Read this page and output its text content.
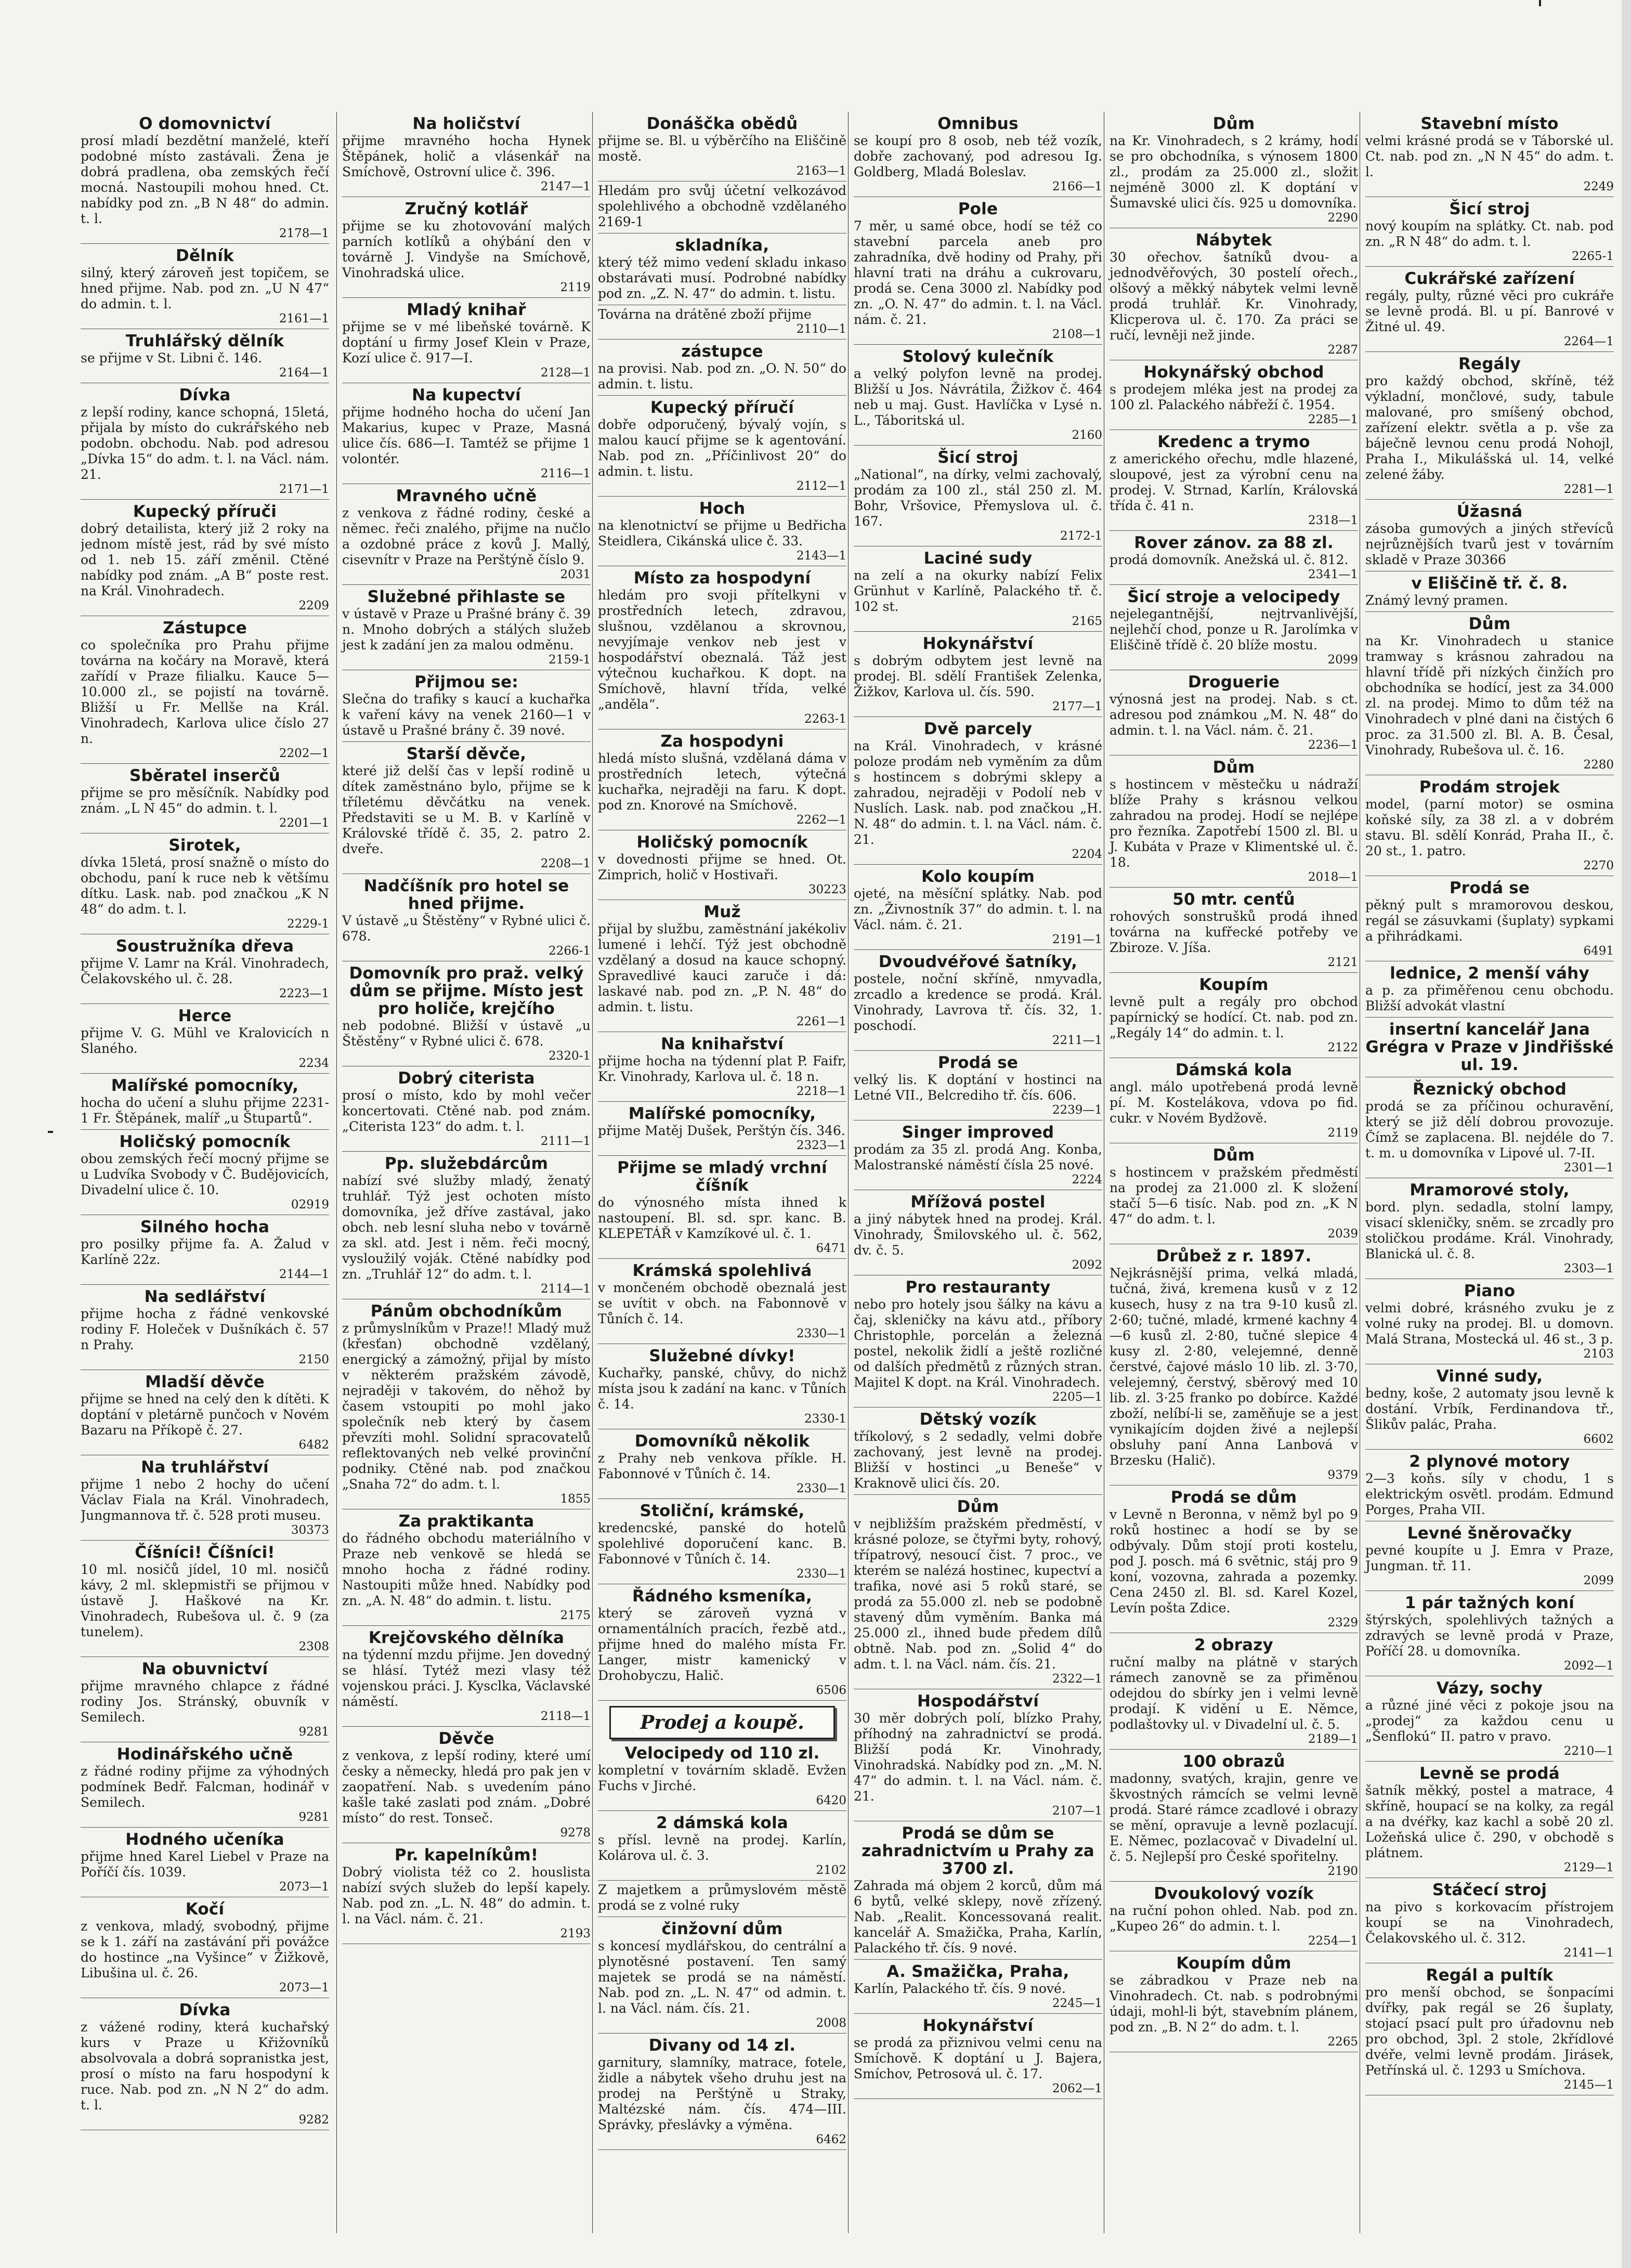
O domovnictví

prosí mladí bezdětní manželé, kteří podobné místo zastávali. Žena je dobrá pradlena, oba zemských řečí mocná. Nastoupili mohou hned. Ct. nabídky pod zn. „B N 48“ do admin. t. l.

2178—1
Dělník

silný, který zároveň jest topičem, se hned přijme. Nab. pod zn. „U N 47“ do admin. t. l.

2161—1
Truhlářský dělník

se přijme v St. Libni č. 146.

2164—1
Dívka

z lepší rodiny, kance schopná, 15letá, přijala by místo do cukrářského neb podobn. obchodu. Nab. pod adresou „Dívka 15“ do adm. t. l. na Václ. nám. 21.

2171—1
Kupecký příruči

dobrý detailista, který již 2 roky na jednom místě jest, rád by své místo od 1. neb 15. září změnil. Ctěné nabídky pod znám. „A B“ poste rest. na Král. Vinohradech.

2209
Zástupce

co společníka pro Prahu přijme továrna na kočáry na Moravě, která zařídí v Praze filialku. Kauce 5—10.000 zl., se pojistí na továrně. Bližší u Fr. Mellše na Král. Vinohradech, Karlova ulice číslo 27 n.

2202—1
Sběratel inserčů

přijme se pro měsíčník. Nabídky pod znám. „L N 45“ do admin. t. l.

2201—1
Sirotek,

dívka 15letá, prosí snažně o místo do obchodu, paní k ruce neb k většímu dítku. Lask. nab. pod značkou „K N 48“ do adm. t. l.

2229-1
Soustružníka dřeva

přijme V. Lamr na Král. Vinohradech, Čelakovského ul. č. 28.

2223—1
Herce

přijme V. G. Mühl ve Kralovicích n Slaného.

2234
Malířské pomocníky,

hocha do učení a sluhu přijme 2231-1 Fr. Štěpánek, malíř „u Štupartů“.

Holičský pomocník

obou zemských řečí mocný přijme se u Ludvíka Svobody v Č. Budějovicích, Divadelní ulice č. 10.

02919
Silného hocha

pro posilky přijme fa. A. Žalud v Karlíně 22z.

2144—1
Na sedlářství

přijme hocha z řádné venkovské rodiny F. Holeček v Dušníkách č. 57 n Prahy.

2150
Mladší děvče

přijme se hned na celý den k dítěti. K doptání v pletárně punčoch v Novém Bazaru na Příkopě č. 27.

6482
Na truhlářství

přijme 1 nebo 2 hochy do učení Václav Fiala na Král. Vinohradech, Jungmannova tř. č. 528 proti museu.

30373
Číšníci! Číšníci!

10 ml. nosičů jídel, 10 ml. nosičů kávy, 2 ml. sklepmistři se přijmou v ústavě J. Haškové na Kr. Vinohradech, Rubešova ul. č. 9 (za tunelem).

2308
Na obuvnictví

přijme mravného chlapce z řádné rodiny Jos. Stránský, obuvník v Semilech.

9281
Hodinářského učně

z řádné rodiny přijme za výhodných podmínek Bedř. Falcman, hodinář v Semilech.

9281
Hodného učeníka

přijme hned Karel Liebel v Praze na Poříčí čís. 1039.

2073—1
Kočí

z venkova, mladý, svobodný, přijme se k 1. září na zastávání při povážce do hostince „na Vyšince“ v Žižkově, Libušina ul. č. 26.

2073—1
Dívka

z vážené rodiny, která kuchařský kurs v Praze u Křižovníků absolvovala a dobrá sopranistka jest, prosí o místo na faru hospodyní k ruce. Nab. pod zn. „N N 2“ do adm. t. l.

9282
Na holičství

přijme mravného hocha Hynek Štěpánek, holič a vlásenkář na Smíchově, Ostrovní ulice č. 396.

2147—1
Zručný kotlář

přijme se ku zhotovování malých parních kotlíků a ohýbání den v továrně J. Vindyše na Smíchově, Vinohradská ulice.

2119
Mladý knihař

přijme se v mé libeňské továrně. K doptání u firmy Josef Klein v Praze, Kozí ulice č. 917—I.

2128—1
Na kupectví

přijme hodného hocha do učení Jan Makarius, kupec v Praze, Masná ulice čís. 686—I. Tamtéž se přijme 1 volontér.

2116—1
Mravného učně

z venkova z řádné rodiny, české a němec. řeči znalého, přijme na nučlo a ozdobné práce z kovů J. Mallý, cisevnítr v Praze na Perštýně číslo 9.

2031
Služebné přihlaste se

v ústavě v Praze u Prašné brány č. 39 n. Mnoho dobrých a stálých služeb jest k zadání jen za malou odměnu.

2159-1
Přijmou se:

Slečna do trafiky s kaucí a kuchařka k vaření kávy na venek 2160—1 v ústavě u Prašné brány č. 39 nové.

Starší děvče,

které již delší čas v lepší rodině u dítek zaměstnáno bylo, přijme se k tříletému děvčátku na venek. Představiti se u M. B. v Karlíně v Královské třídě č. 35, 2. patro 2. dveře.

2208—1
Nadčíšník pro hotel se hned přijme.

V ústavě „u Štěstěny“ v Rybné ulici č. 678.

2266-1
Domovník pro praž. velký dům se přijme. Místo jest pro holiče, krejčího

neb podobné. Bližší v ústavě „u Štěstěny“ v Rybné ulici č. 678.

2320-1
Dobrý citerista

prosí o místo, kdo by mohl večer koncertovati. Ctěné nab. pod znám. „Citerista 123“ do adm. t. l.

2111—1
Pp. služebdárcům

nabízí své služby mladý, ženatý truhlář. Týž jest ochoten místo domovníka, jež dříve zastával, jako obch. neb lesní sluha nebo v továrně za skl. atd. Jest i něm. řeči mocný, vysloužilý voják. Ctěné nabídky pod zn. „Truhlář 12“ do adm. t. l.

2114—1
Pánům obchodníkům

z průmyslníkům v Praze!! Mladý muž (křesťan) obchodně vzdělaný, energický a zámožný, přijal by místo v některém pražském závodě, nejraději v takovém, do něhož by časem vstoupiti po mohl jako společník neb který by časem převzíti mohl. Solidní spracovatelů reflektovaných neb velké provinční podniky. Ctěné nab. pod značkou „Snaha 72“ do adm. t. l.

1855
Za praktikanta

do řádného obchodu materiálního v Praze neb venkově se hledá se mnoho hocha z řádné rodiny. Nastoupiti může hned. Nabídky pod zn. „A. N. 48“ do admin. t. listu.

2175
Krejčovského dělníka

na týdenní mzdu přijme. Jen dovedný se hlásí. Tytéž mezi vlasy též vojenskou práci. J. Kysclka, Václavské náměstí.

2118—1
Děvče

z venkova, z lepší rodiny, které umí česky a německy, hledá pro pak jen v zaopatření. Nab. s uvedením páno kašle také zaslati pod znám. „Dobré místo“ do rest. Tonseč.

9278
Pr. kapelníkům!

Dobrý violista též co 2. houslista nabízí svých služeb do lepší kapely. Nab. pod zn. „L. N. 48“ do admin. t. l. na Václ. nám. č. 21.

2193
Donáščka obědů

přijme se. Bl. u výběrčího na Eliščině mostě.

2163—1

Hledám pro svůj účetní velkozávod spolehlivého a obchodně vzdělaného 2169-1

skladníka,

který též mimo vedení skladu inkaso obstarávati musí. Podrobné nabídky pod zn. „Z. N. 47“ do admin. t. listu.

Továrna na drátěné zboží přijme

2110—1
zástupce

na provisi. Nab. pod zn. „O. N. 50“ do admin. t. listu.

Kupecký příručí

dobře odporučený, bývalý vojín, s malou kaucí přijme se k agentování. Nab. pod zn. „Příčinlivost 20“ do admin. t. listu.

2112—1
Hoch

na klenotnictví se přijme u Bedřicha Steidlera, Cikánská ulice č. 33.

2143—1
Místo za hospodyní

hledám pro svoji přítelkyni v prostředních letech, zdravou, slušnou, vzdělanou a skrovnou, nevyjímaje venkov neb jest v hospodářství obeznalá. Táž jest výtečnou kuchařkou. K dopt. na Smíchově, hlavní třída, velké „anděla“.

2263-1
Za hospodyni

hledá místo slušná, vzdělaná dáma v prostředních letech, výtečná kuchařka, nejraději na faru. K dopt. pod zn. Knorové na Smíchově.

2262—1
Holičský pomocník

v dovednosti přijme se hned. Ot. Zimprich, holič v Hostivaři.

30223
Muž

přijal by službu, zaměstnání jakékoliv lumené i lehčí. Týž jest obchodně vzdělaný a dosud na kauce schopný. Spravedlivé kauci zaruče i dá: laskavé nab. pod zn. „P. N. 48“ do admin. t. listu.

2261—1
Na knihařství

přijme hocha na týdenní plat P. Faifr, Kr. Vinohrady, Karlova ul. č. 18 n.

2218—1
Malířské pomocníky,

přijme Matěj Dušek, Perštýn čís. 346.

2323—1
Přijme se mladý vrchní číšník

do výnosného místa ihned k nastoupení. Bl. sd. spr. kanc. B. KLEPETÁŘ v Kamzíkové ul. č. 1.

6471
Krámská spolehlivá

v mončeném obchodě obeznalá jest se uvítit v obch. na Fabonnově v Tůních č. 14.

2330—1
Služebné dívky!

Kuchařky, panské, chůvy, do nichž místa jsou k zadání na kanc. v Tůních č. 14.

2330-1
Domovníků několik

z Prahy neb venkova příkle. H. Fabonnové v Tůních č. 14.

2330—1
Stoliční, krámské,

kredencské, panské do hotelů spolehlivé doporučení kanc. B. Fabonnové v Tůních č. 14.

2330—1
Řádného ksmeníka,

který se zároveň vyzná v ornamentálních pracích, řezbě atd., přijme hned do malého místa Fr. Langer, mistr kamenický v Drohobyczu, Halič.

6506
Prodej a koupě.
Velocipedy od 110 zl.

kompletní v továrním skladě. Evžen Fuchs v Jirché.

6420
2 dámská kola

s přísl. levně na prodej. Karlín, Kolárova ul. č. 3.

2102

Z majetkem a průmyslovém městě prodá se z volné ruky

činžovní dům

s koncesí mydlářskou, do centrální a plynotěsné postavení. Ten samý majetek se prodá se na náměstí. Nab. pod zn. „L. N. 47“ od admin. t. l. na Václ. nám. čís. 21.

2008
Divany od 14 zl.

garnitury, slamníky, matrace, fotele, židle a nábytek všeho druhu jest na prodej na Perštýně u Straky, Maltézské nám. čís. 474—III. Správky, přeslávky a výměna.

6462
Omnibus

se koupí pro 8 osob, neb též vozík, dobře zachovaný, pod adresou Ig. Goldberg, Mladá Boleslav.

2166—1
Pole

7 měr, u samé obce, hodí se též co stavební parcela aneb pro zahradníka, dvě hodiny od Prahy, při hlavní trati na dráhu a cukrovaru, prodá se. Cena 3000 zl. Nabídky pod zn. „O. N. 47“ do admin. t. l. na Václ. nám. č. 21.

2108—1
Stolový kulečník

a velký polyfon levně na prodej. Bližší u Jos. Návrátila, Žižkov č. 464 neb u maj. Gust. Havlíčka v Lysé n. L., Táboritská ul.

2160
Šicí stroj

„National“, na dírky, velmi zachovalý, prodám za 100 zl., stál 250 zl. M. Bohr, Vršovice, Přemyslova ul. č. 167.

2172-1
Laciné sudy

na zelí a na okurky nabízí Felix Grünhut v Karlíně, Palackého tř. č. 102 st.

2165
Hokynářství

s dobrým odbytem jest levně na prodej. Bl. sdělí František Zelenka, Žižkov, Karlova ul. čís. 590.

2177—1
Dvě parcely

na Král. Vinohradech, v krásné poloze prodám neb vyměním za dům s hostincem s dobrými sklepy a zahradou, nejraději v Podolí neb v Nuslích. Lask. nab. pod značkou „H. N. 48“ do admin. t. l. na Václ. nám. č. 21.

2204
Kolo koupím

ojeté, na měsíční splátky. Nab. pod zn. „Živnostník 37“ do admin. t. l. na Václ. nám. č. 21.

2191—1
Dvoudvéřové šatníky,

postele, noční skříně, nmyvadla, zrcadlo a kredence se prodá. Král. Vinohrady, Lavrova tř. čís. 32, 1. poschodí.

2211—1
Prodá se

velký lis. K doptání v hostinci na Letné VII., Belcrediho tř. čís. 606.

2239—1
Singer improved

prodám za 35 zl. prodá Ang. Konba, Malostranské náměstí čísla 25 nové.

2224
Mřížová postel

a jiný nábytek hned na prodej. Král. Vinohrady, Šmilovského ul. č. 562, dv. č. 5.

2092
Pro restauranty

nebo pro hotely jsou šálky na kávu a čaj, skleničky na kávu atd., příbory Christophle, porcelán a železná postel, nekolik židlí a ještě rozličné od dalších předmětů z různých stran. Majitel K dopt. na Král. Vinohradech.

2205—1
Dětský vozík

tříkolový, s 2 sedadly, velmi dobře zachovaný, jest levně na prodej. Bližší v hostinci „u Beneše“ v Kraknově ulici čís. 20.

Dům

v nejbližším pražském předměstí, v krásné poloze, se čtyřmi byty, rohový, třípatrový, nesoucí čist. 7 proc., ve kterém se nalézá hostinec, kupectví a trafika, nové asi 5 roků staré, se prodá za 55.000 zl. neb se podobně stavený dům vyměním. Banka má 25.000 zl., ihned bude předem dílů obtně. Nab. pod zn. „Solid 4“ do adm. t. l. na Václ. nám. čís. 21.

2322—1
Hospodářství

30 měr dobrých polí, blízko Prahy, příhodný na zahradnictví se prodá. Bližší podá Kr. Vinohrady, Vinohradská. Nabídky pod zn. „M. N. 47“ do admin. t. l. na Václ. nám. č. 21.

2107—1
Prodá se dům se zahradnictvím u Prahy za 3700 zl.

Zahrada má objem 2 korců, dům má 6 bytů, velké sklepy, nově zřízený. Nab. „Realit. Koncessovaná realit. kancelář A. Smažička, Praha, Karlín, Palackého tř. čís. 9 nové.

A. Smažička, Praha,

Karlín, Palackého tř. čís. 9 nové.

2245—1
Hokynářství

se prodá za přiznivou velmi cenu na Smíchově. K doptání u J. Bajera, Smíchov, Petrosová ul. č. 17.

2062—1
Dům

na Kr. Vinohradech, s 2 krámy, hodí se pro obchodníka, s výnosem 1800 zl., prodám za 25.000 zl., složit nejméně 3000 zl. K doptání v Šumavské ulici čís. 925 u domovníka.

2290
Nábytek

30 ořechov. šatníků dvou- a jednodvěřových, 30 postelí ořech., olšový a měkký nábytek velmi levně prodá truhlář. Kr. Vinohrady, Klicperova ul. č. 170. Za práci se ručí, levněji než jinde.

2287
Hokynářský obchod

s prodejem mléka jest na prodej za 100 zl. Palackého nábřeží č. 1954.

2285—1
Kredenc a trymo

z amerického ořechu, mdle hlazené, sloupové, jest za výrobní cenu na prodej. V. Strnad, Karlín, Královská třída č. 41 n.

2318—1
Rover zánov. za 88 zl.

prodá domovník. Anežská ul. č. 812.

2341—1
Šicí stroje a velocipedy

nejelegantnější, nejtrvanlivější, nejlehčí chod, ponze u R. Jarolímka v Eliščině třídě č. 20 blíže mostu.

2099
Droguerie

výnosná jest na prodej. Nab. s ct. adresou pod známkou „M. N. 48“ do admin. t. l. na Václ. nám. č. 21.

2236—1
Dům

s hostincem v městečku u nádraží blíže Prahy s krásnou velkou zahradou na prodej. Hodí se nejlépe pro řezníka. Zapotřebí 1500 zl. Bl. u J. Kubáta v Praze v Klimentské ul. č. 18.

2018—1
50 mtr. cenťů

rohových sonstrušků prodá ihned továrna na kufřecké potřeby ve Zbiroze. V. Jíša.

2121
Koupím

levně pult a regály pro obchod papírnický se hodící. Ct. nab. pod zn. „Regály 14“ do admin. t. l.

2122
Dámská kola

angl. málo upotřebená prodá levně pí. M. Kostelákova, vdova po fid. cukr. v Novém Bydžově.

2119
Dům

s hostincem v pražském předměstí na prodej za 21.000 zl. K složení stačí 5—6 tisíc. Nab. pod zn. „K N 47“ do adm. t. l.

2039
Drůbež z r. 1897.

Nejkrásnější prima, velká mladá, tučná, živá, kremena kusů v z 12 kusech, husy z na tra 9-10 kusů zl. 2·60; tučné, mladé, krmené kachny 4—6 kusů zl. 2·80, tučné slepice 4 kusy zl. 2·80, velejemné, denně čerstvé, čajové máslo 10 lib. zl. 3·70, velejemný, čerstvý, sběrový med 10 lib. zl. 3·25 franko po dobírce. Každé zboží, nelíbí-li se, zaměňuje se a jest vynikajícím dojden živé a nejlepší obsluhy paní Anna Lanbová v Brzesku (Halič).

9379
Prodá se dům

v Levně n Beronna, v němž byl po 9 roků hostinec a hodí se by se odbývaly. Dům stojí proti kostelu, pod J. posch. má 6 světnic, stáj pro 9 koní, vozovna, zahrada a pozemky. Cena 2450 zl. Bl. sd. Karel Kozel, Levín pošta Zdice.

2329
2 obrazy

ruční malby na plátně v starých rámech zanovně se za přiměnou odejdou do sbírky jen i velmi levně prodají. K vidění u E. Němce, podlaštovky ul. v Divadelní ul. č. 5.

2189—1
100 obrazů

madonny, svatých, krajin, genre ve škvostných rámcích se velmi levně prodá. Staré rámce zcadlové i obrazy se mění, opravuje a levně pozlacují. E. Němec, pozlacovač v Divadelní ul. č. 5. Nejlepší pro České spořitelny.

2190
Dvoukolový vozík

na ruční pohon ohled. Nab. pod zn. „Kupeo 26“ do admin. t. l.

2254—1
Koupím dům

se zábradkou v Praze neb na Vinohradech. Ct. nab. s podrobnými údaji, mohl-li být, stavebním plánem, pod zn. „B. N 2“ do adm. t. l.

2265
Stavební místo

velmi krásné prodá se v Táborské ul. Ct. nab. pod zn. „N N 45“ do adm. t. l.

2249
Šicí stroj

nový koupím na splátky. Ct. nab. pod zn. „R N 48“ do adm. t. l.

2265-1
Cukrářské zařízení

regály, pulty, různé věci pro cukráře se levně prodá. Bl. u pí. Banrové v Žitné ul. 49.

2264—1
Regály

pro každý obchod, skříně, též výkladní, mončlové, sudy, tabule malované, pro smíšený obchod, zařízení elektr. světla a p. vše za báječně levnou cenu prodá Nohojl, Praha I., Mikulášská ul. 14, velké zelené žáby.

2281—1
Úžasná

zásoba gumových a jiných střevíců nejrůznějších tvarů jest v továrním skladě v Praze 30366

v Eliščině tř. č. 8.

Známý levný pramen.

Dům

na Kr. Vinohradech u stanice tramway s krásnou zahradou na hlavní třídě při nízkých činžích pro obchodníka se hodící, jest za 34.000 zl. na prodej. Mimo to dům též na Vinohradech v plné dani na čistých 6 proc. za 31.500 zl. Bl. A. B. Česal, Vinohrady, Rubešova ul. č. 16.

2280
Prodám strojek

model, (parní motor) se osmina koňské síly, za 38 zl. a v dobrém stavu. Bl. sdělí Konrád, Praha II., č. 20 st., 1. patro.

2270
Prodá se

pěkný pult s mramorovou deskou, regál se zásuvkami (šuplaty) sypkami a přihrádkami.

6491
lednice, 2 menší váhy

a p. za přiměřenou cenu obchodu. Bližší advokát vlastní

insertní kancelář Jana Grégra v Praze v Jindřišské ul. 19.
Řeznický obchod

prodá se za příčinou ochuravění, který se již dělí dobrou provozuje. Čímž se zaplacena. Bl. nejdéle do 7. t. m. u domovníka v Lipové ul. 7-II.

2301—1
Mramorové stoly,

bord. plyn. sedadla, stolní lampy, visací skleničky, sněm. se zrcadly pro stoličkou prodáme. Král. Vinohrady, Blanická ul. č. 8.

2303—1
Piano

velmi dobré, krásného zvuku je z volné ruky na prodej. Bl. u domovn. Malá Strana, Mostecká ul. 46 st., 3 p.

2103
Vinné sudy,

bedny, koše, 2 automaty jsou levně k dostání. Vrbík, Ferdinandova tř., Šlikův palác, Praha.

6602
2 plynové motory

2—3 koňs. síly v chodu, 1 s elektrickým osvětl. prodám. Edmund Porges, Praha VII.

Levné šněrovačky

pevné koupíte u J. Emra v Praze, Jungman. tř. 11.

2099
1 pár tažných koní

štýrských, spolehlivých tažných a zdravých se levně prodá v Praze, Poříčí 28. u domovníka.

2092—1
Vázy, sochy

a různé jiné věci z pokoje jsou na „prodej“ za každou cenu u „Šenflokú“ II. patro v pravo.

2210—1
Levně se prodá

šatník měkký, postel a matrace, 4 skříně, houpací se na kolky, za regál a na dvéřky, kaz kachl a sobě 20 zl. Ložeňská ulice č. 290, v obchodě s plátnem.

2129—1
Stáčecí stroj

na pivo s korkovacím přístrojem koupí se na Vinohradech, Čelakovského ul. č. 312.

2141—1
Regál a pultík

pro menší obchod, se šonpacími dvířky, pak regál se 26 šuplaty, stojací psací pult pro úřadovnu neb pro obchod, 3pl. 2 stole, 2křídlové dvéře, velmi levně prodám. Jirásek, Petřínská ul. č. 1293 u Smíchova.

2145—1
